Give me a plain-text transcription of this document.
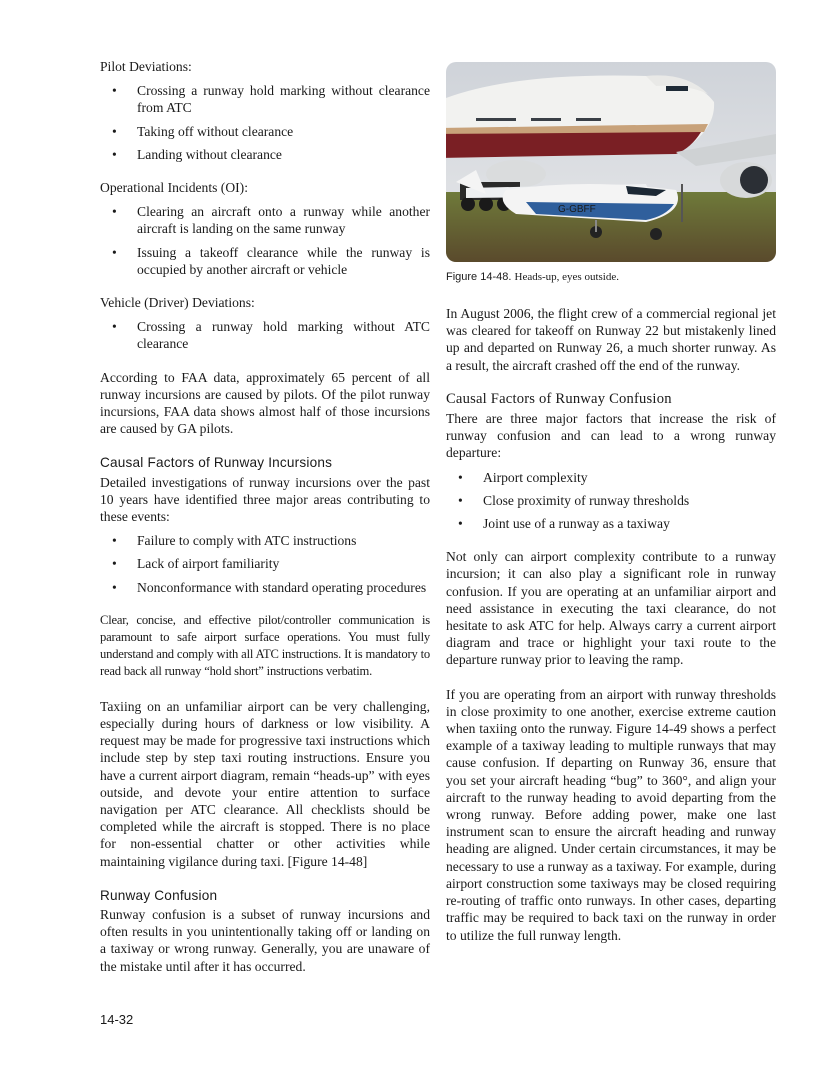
Pilot Deviations:

• Crossing a runway hold marking without clearance from ATC
• Taking off without clearance
• Landing without clearance

Operational Incidents (OI):

• Clearing an aircraft onto a runway while another aircraft is landing on the same runway
• Issuing a takeoff clearance while the runway is occupied by another aircraft or vehicle

Vehicle (Driver) Deviations:

• Crossing a runway hold marking without ATC clearance

According to FAA data, approximately 65 percent of all runway incursions are caused by pilots. Of the pilot runway incursions, FAA data shows almost half of those incursions are caused by GA pilots.

Causal Factors of Runway Incursions

Detailed investigations of runway incursions over the past 10 years have identified three major areas contributing to these events:

• Failure to comply with ATC instructions
• Lack of airport familiarity
• Nonconformance with standard operating procedures

Clear, concise, and effective pilot/controller communication is paramount to safe airport surface operations. You must fully understand and comply with all ATC instructions. It is mandatory to read back all runway “hold short” instructions verbatim.

Taxiing on an unfamiliar airport can be very challenging, especially during hours of darkness or low visibility. A request may be made for progressive taxi instructions which include step by step taxi routing instructions. Ensure you have a current airport diagram, remain “heads-up” with eyes outside, and devote your entire attention to surface navigation per ATC clearance. All checklists should be completed while the aircraft is stopped. There is no place for non-essential chatter or other activities while maintaining vigilance during taxi. [Figure 14-48]

Runway Confusion

Runway confusion is a subset of runway incursions and often results in you unintentionally taking off or landing on a taxiway or wrong runway. Generally, you are unaware of the mistake until after it has occurred.

G-GBFF
Figure 14-48. Heads-up, eyes outside.

In August 2006, the flight crew of a commercial regional jet was cleared for takeoff on Runway 22 but mistakenly lined up and departed on Runway 26, a much shorter runway. As a result, the aircraft crashed off the end of the runway.

Causal Factors of Runway Confusion

There are three major factors that increase the risk of runway confusion and can lead to a wrong runway departure:

• Airport complexity
• Close proximity of runway thresholds
• Joint use of a runway as a taxiway

Not only can airport complexity contribute to a runway incursion; it can also play a significant role in runway confusion. If you are operating at an unfamiliar airport and need assistance in executing the taxi clearance, do not hesitate to ask ATC for help. Always carry a current airport diagram and trace or highlight your taxi route to the departure runway prior to leaving the ramp.

If you are operating from an airport with runway thresholds in close proximity to one another, exercise extreme caution when taxiing onto the runway. Figure 14-49 shows a perfect example of a taxiway leading to multiple runways that may cause confusion. If departing on Runway 36, ensure that you set your aircraft heading “bug” to 360°, and align your aircraft to the runway heading to avoid departing from the wrong runway. Before adding power, make one last instrument scan to ensure the aircraft heading and runway heading are aligned. Under certain circumstances, it may be necessary to use a runway as a taxiway. For example, during airport construction some taxiways may be closed requiring re-routing of traffic onto runways. In other cases, departing traffic may be required to back taxi on the runway in order to utilize the full runway length.

14-32
